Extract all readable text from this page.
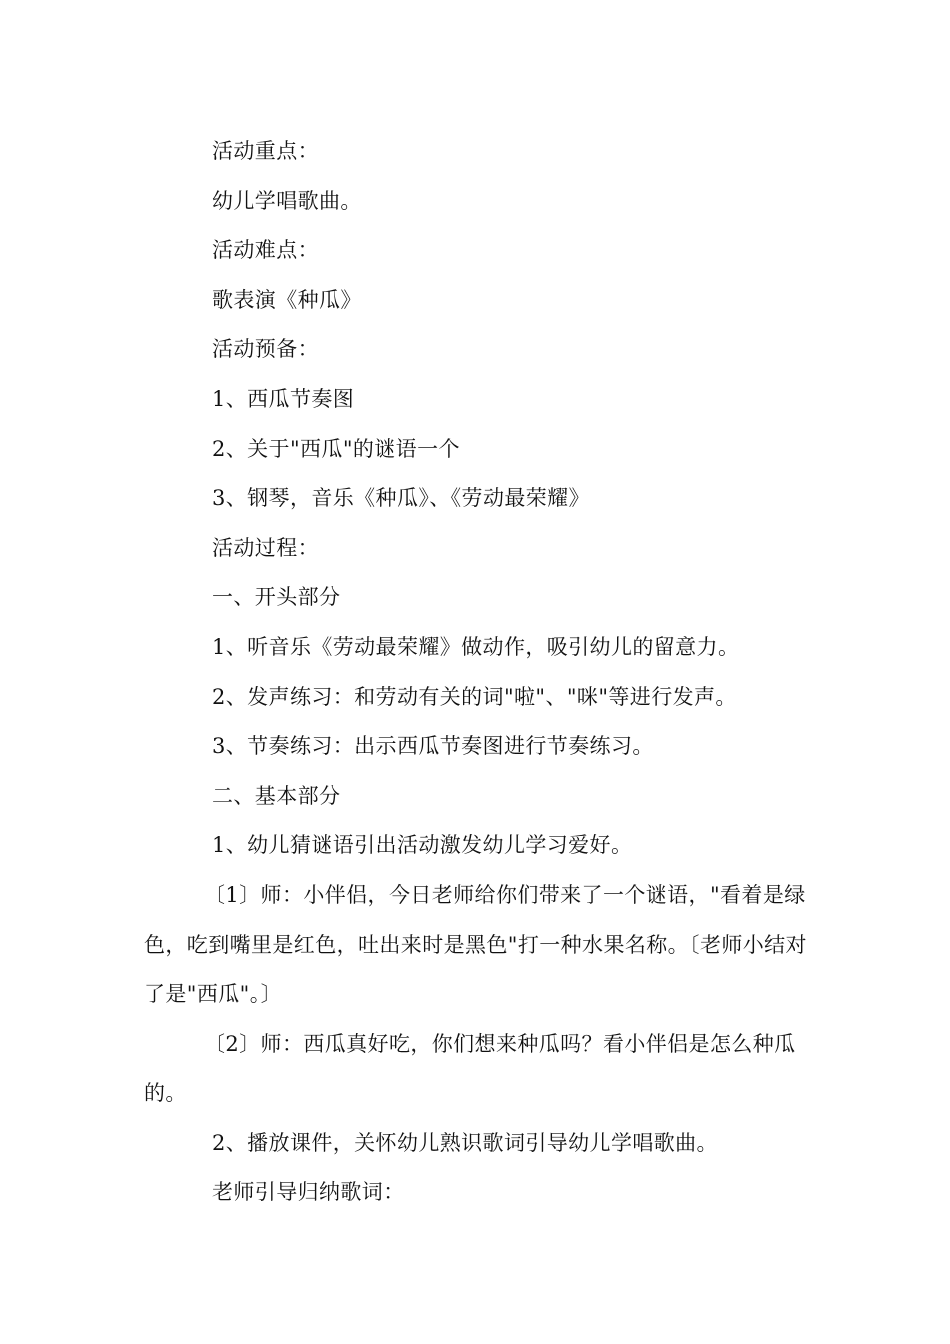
活动重点：

幼儿学唱歌曲。

活动难点：

歌表演《种瓜》

活动预备：

1、西瓜节奏图

2、关于"西瓜"的谜语一个

3、钢琴，音乐《种瓜》、《劳动最荣耀》

活动过程：

一、开头部分

1、听音乐《劳动最荣耀》做动作，吸引幼儿的留意力。

2、发声练习：和劳动有关的词"啦"、"咪"等进行发声。

3、节奏练习：出示西瓜节奏图进行节奏练习。

二、基本部分

1、幼儿猜谜语引出活动激发幼儿学习爱好。

〔1〕师：小伴侣，今日老师给你们带来了一个谜语，"看着是绿色，吃到嘴里是红色，吐出来时是黑色"打一种水果名称。〔老师小结对了是"西瓜"。〕

〔2〕师：西瓜真好吃，你们想来种瓜吗？看小伴侣是怎么种瓜的。

2、播放课件，关怀幼儿熟识歌词引导幼儿学唱歌曲。

老师引导归纳歌词：
